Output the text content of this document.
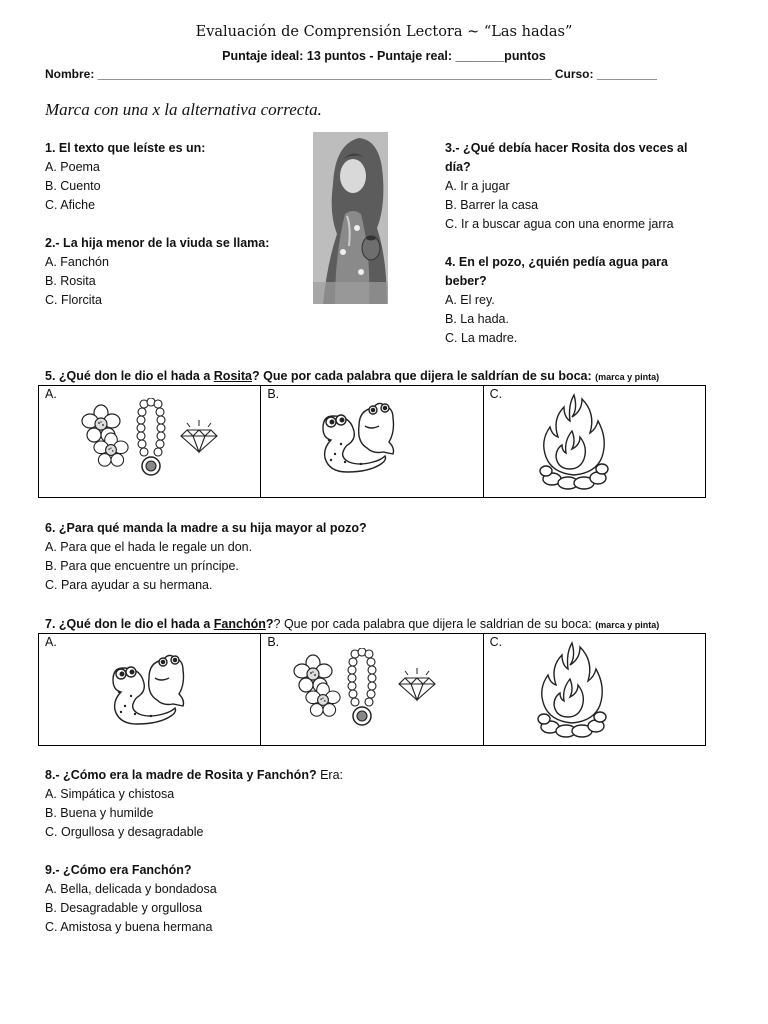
Evaluación de Comprensión Lectora ~ “Las hadas”
Puntaje ideal: 13 puntos - Puntaje real: _______puntos
Nombre: ____________________________________________________________________ Curso: _________
Marca con una x la alternativa correcta.
1. El texto que leíste es un:
A. Poema
B. Cuento
C. Afiche
2.- La hija menor de la viuda se llama:
A. Fanchón
B. Rosita
C. Florcita
3.- ¿Qué debía hacer Rosita dos veces al
día?
A. Ir a jugar
B. Barrer la casa
C. Ir a buscar agua con una enorme jarra
4. En el pozo, ¿quién pedía agua para
beber?
A. El rey.
B. La hada.
C. La madre.
5. ¿Qué don le dio el hada a Rosita? Que por cada palabra que dijera le saldrían de su boca: (marca y pinta)
A.	B.	C.
6. ¿Para qué manda la madre a su hija mayor al pozo?
A. Para que el hada le regale un don.
B. Para que encuentre un príncipe.
C. Para ayudar a su hermana.
7. ¿Qué don le dio el hada a Fanchón?? Que por cada palabra que dijera le saldrian de su boca: (marca y pinta)
A.	B.	C.
8.- ¿Cómo era la madre de Rosita y Fanchón? Era:
A. Simpática y chistosa
B. Buena y humilde
C. Orgullosa y desagradable
9.- ¿Cómo era Fanchón?
A. Bella, delicada y bondadosa
B. Desagradable y orgullosa
C. Amistosa y buena hermana
